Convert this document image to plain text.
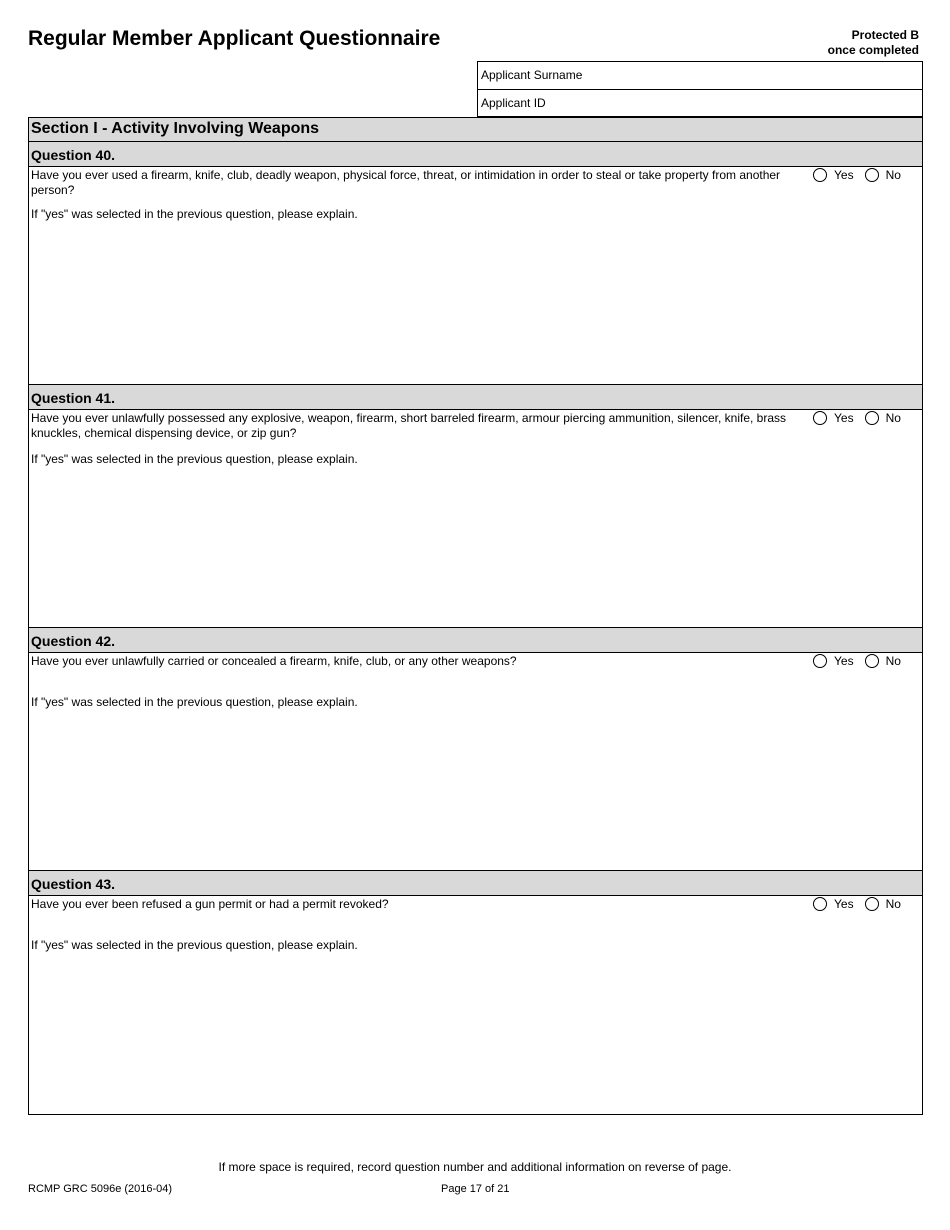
Regular Member Applicant Questionnaire	Protected B
once completed
Applicant Surname
Applicant ID
Section I - Activity Involving Weapons
Question 40.
Have you ever used a firearm, knife, club, deadly weapon, physical force, threat, or intimidation in order to steal or take property from another person?
Yes	No
If "yes" was selected in the previous question, please explain.
Question 41.
Have you ever unlawfully possessed any explosive, weapon, firearm, short barreled firearm, armour piercing ammunition, silencer, knife, brass knuckles, chemical dispensing device, or zip gun?
Yes	No
If "yes" was selected in the previous question, please explain.
Question 42.
Have you ever unlawfully carried or concealed a firearm, knife, club, or any other weapons?	Yes	No
If "yes" was selected in the previous question, please explain.
Question 43.
Have you ever been refused a gun permit or had a permit revoked?	Yes	No
If "yes" was selected in the previous question, please explain.
If more space is required, record question number and additional information on reverse of page.
RCMP GRC 5096e (2016-04)	Page 17 of 21
